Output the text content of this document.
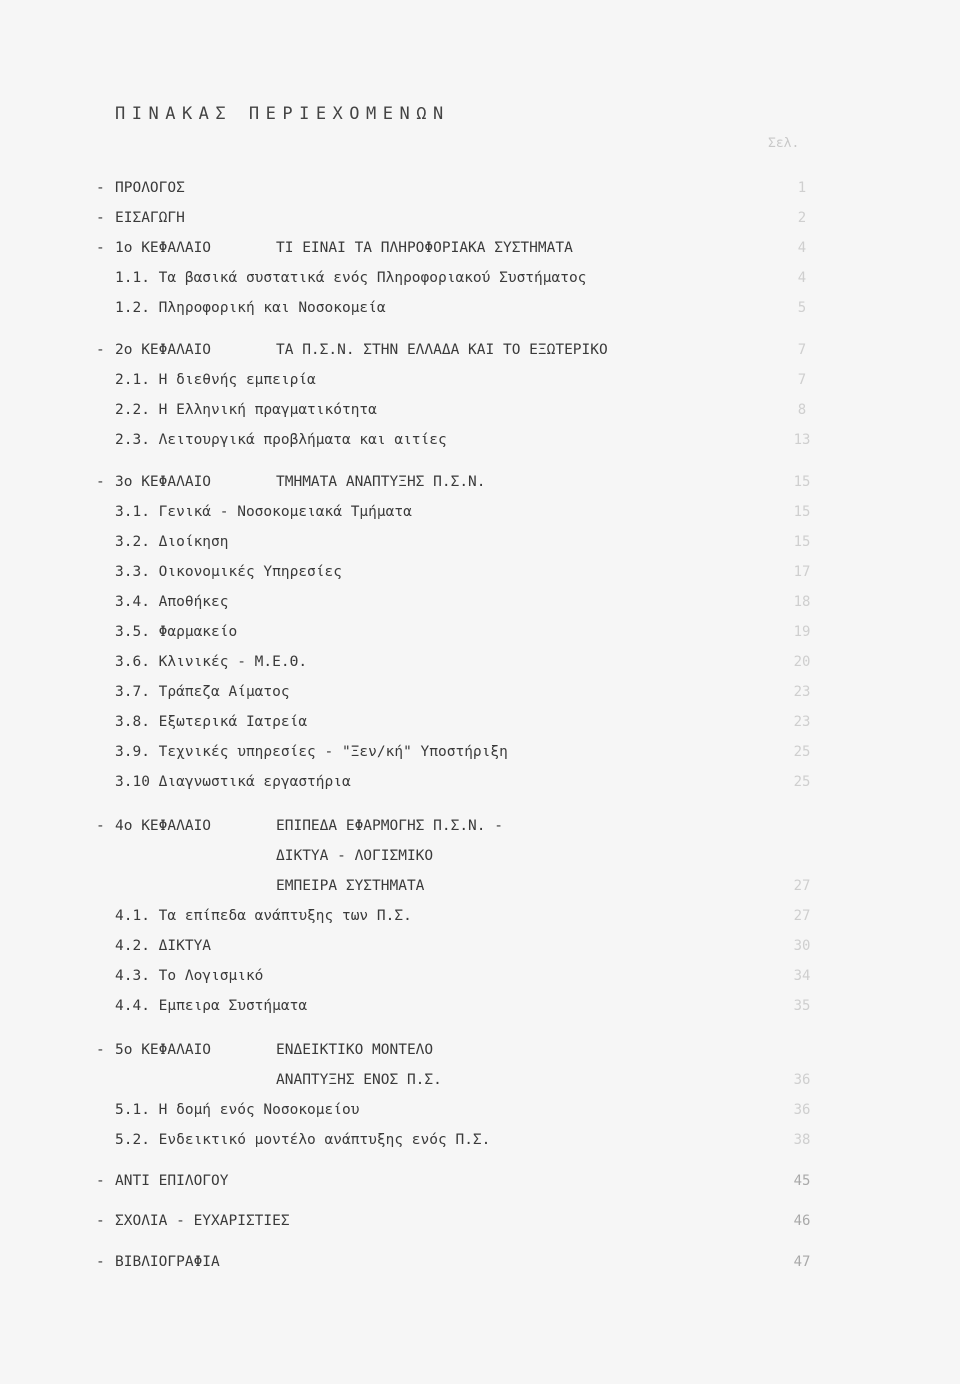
ΠΙΝΑΚΑΣ ΠΕΡΙΕΧΟΜΕΝΩΝ
Σελ.
- ΠΡΟΛΟΓΟΣ	1
- ΕΙΣΑΓΩΓΗ	2
- 1ο ΚΕΦΑΛΑΙΟ	ΤΙ ΕΙΝΑΙ ΤΑ ΠΛΗΡΟΦΟΡΙΑΚΑ ΣΥΣΤΗΜΑΤΑ	4
1.1. Τα βασικά συστατικά ενός Πληροφοριακού Συστήματος	4
1.2. Πληροφορική και Νοσοκομεία	5
- 2ο ΚΕΦΑΛΑΙΟ	ΤΑ Π.Σ.Ν. ΣΤΗΝ ΕΛΛΑΔΑ ΚΑΙ ΤΟ ΕΞΩΤΕΡΙΚΟ	7
2.1. Η διεθνής εμπειρία	7
2.2. Η Ελληνική πραγματικότητα	8
2.3. Λειτουργικά προβλήματα και αιτίες	13
- 3ο ΚΕΦΑΛΑΙΟ	ΤΜΗΜΑΤΑ ΑΝΑΠΤΥΞΗΣ Π.Σ.Ν.	15
3.1. Γενικά - Νοσοκομειακά Τμήματα	15
3.2. Διοίκηση	15
3.3. Οικονομικές Υπηρεσίες	17
3.4. Αποθήκες	18
3.5. Φαρμακείο	19
3.6. Κλινικές - Μ.Ε.Θ.	20
3.7. Τράπεζα Αίματος	23
3.8. Εξωτερικά Ιατρεία	23
3.9. Τεχνικές υπηρεσίες - "Ξεν/κή" Υποστήριξη	25
3.10 Διαγνωστικά εργαστήρια	25
- 4ο ΚΕΦΑΛΑΙΟ	ΕΠΙΠΕΔΑ ΕΦΑΡΜΟΓΗΣ Π.Σ.Ν. -
ΔΙΚΤΥΑ - ΛΟΓΙΣΜΙΚΟ
ΕΜΠΕΙΡΑ ΣΥΣΤΗΜΑΤΑ	27
4.1. Τα επίπεδα ανάπτυξης των Π.Σ.	27
4.2. ΔΙΚΤΥΑ	30
4.3. Το Λογισμικό	34
4.4. Εμπειρα Συστήματα	35
- 5ο ΚΕΦΑΛΑΙΟ	ΕΝΔΕΙΚΤΙΚΟ ΜΟΝΤΕΛΟ
ΑΝΑΠΤΥΞΗΣ ΕΝΟΣ Π.Σ.	36
5.1. Η δομή ενός Νοσοκομείου	36
5.2. Ενδεικτικό μοντέλο ανάπτυξης ενός Π.Σ.	38
- ΑΝΤΙ ΕΠΙΛΟΓΟΥ	45
- ΣΧΟΛΙΑ - ΕΥΧΑΡΙΣΤΙΕΣ	46
- ΒΙΒΛΙΟΓΡΑΦΙΑ	47
